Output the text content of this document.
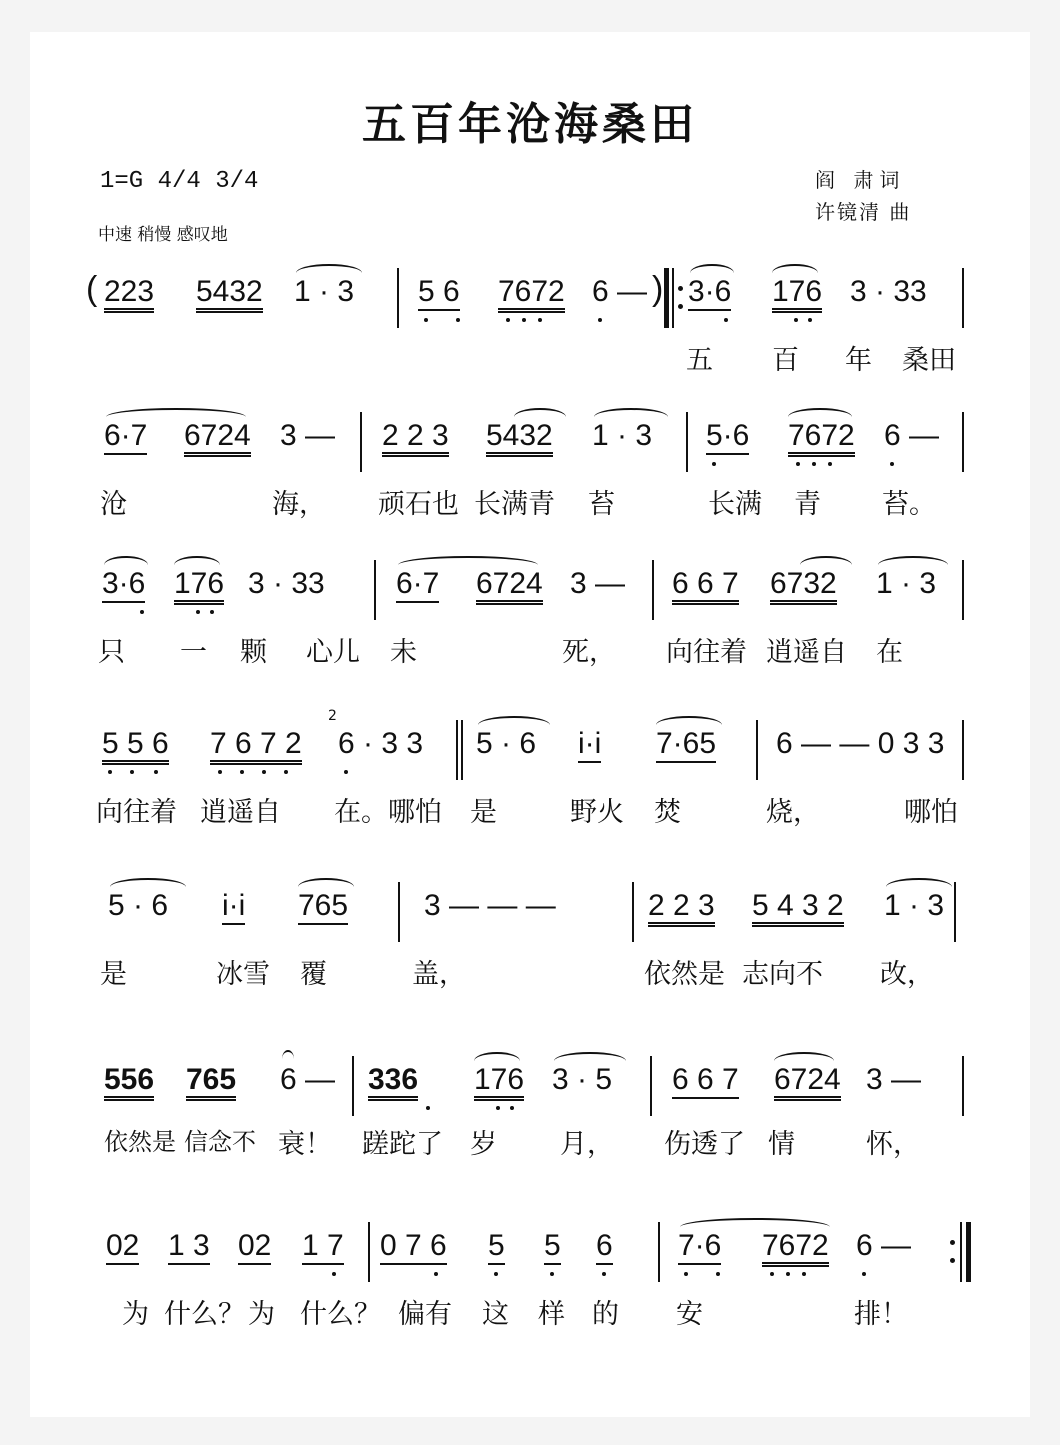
五百年沧海桑田
1=G 4/4 3/4
中速 稍慢 感叹地
阎 肃词
许镜清 曲
( 223 5432 1 · 3 5 6 7672 6 — ) 3·6 176 3 · 33
五 百 年 桑田
6·7 6724 3 — 2 2 3 5432 1 · 3 5·6 7672 6 —
沧	海， 顽石也 长满青 苔	长满 青 苔。
3·6 176 3 · 33 6·7 6724 3 — 6 6 7 6732 1 · 3
只 一 颗 心儿 未	死， 向往着 逍遥自 在
5 5 6 7 6 7 2
2
6 · 3 3 5 · 6 i·i 7·65 6 — — 0 3 3
向往着 逍遥自 在。哪怕 是	野火 焚	烧，	哪怕
5 · 6 i·i 765	3 — — —	2 2 3 5 4 3 2 1 · 3
是	冰雪 覆	盖，	依然是 志向不 改，
556 765 6 — 336 176 3 · 5 6 6 7 6724 3 —
依然是 信念不 衰！ 蹉跎了 岁 月， 伤透了 情	怀，
02 1 3 02 1 7 0 7 6 5 5 6 7·6 7672 6 —
为 什么？ 为 什么？ 偏有 这 样 的 安	排！
